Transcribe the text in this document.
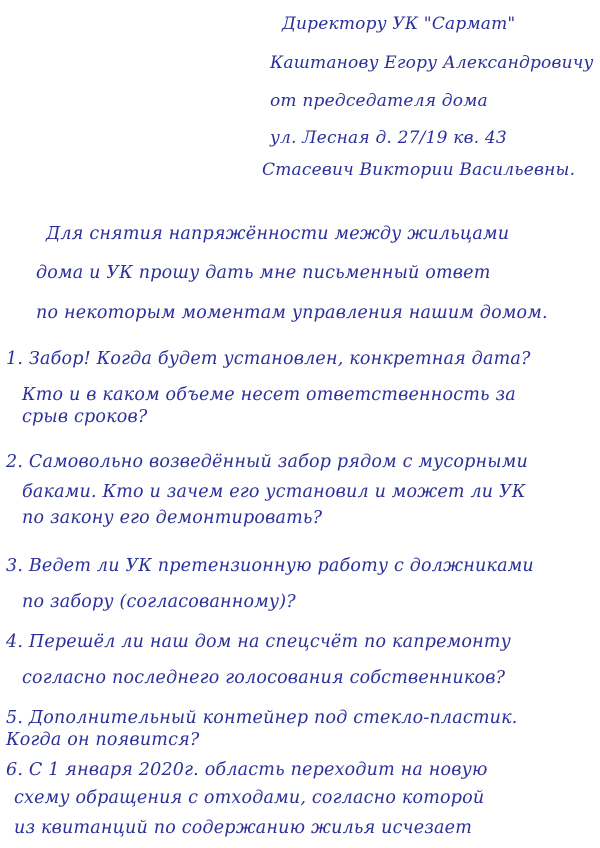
Директору УК "Сармат"
Каштанову Егору Александровичу
от председателя дома
ул. Лесная д. 27/19 кв. 43
Стасевич Виктории Васильевны.
Для снятия напряжённости между жильцами
дома и УК прошу дать мне письменный ответ
по некоторым моментам управления нашим домом.
1. Забор! Когда будет установлен, конкретная дата?
Кто и в каком объеме несет ответственность за
срыв сроков?
2. Самовольно возведённый забор рядом с мусорными
баками. Кто и зачем его установил и может ли УК
по закону его демонтировать?
3. Ведет ли УК претензионную работу с должниками
по забору (согласованному)?
4. Перешёл ли наш дом на спецсчёт по капремонту
согласно последнего голосования собственников?
5. Дополнительный контейнер под стекло-пластик.
Когда он появится?
6. С 1 января 2020г. область переходит на новую
схему обращения с отходами, согласно которой
из квитанций по содержанию жилья исчезает
